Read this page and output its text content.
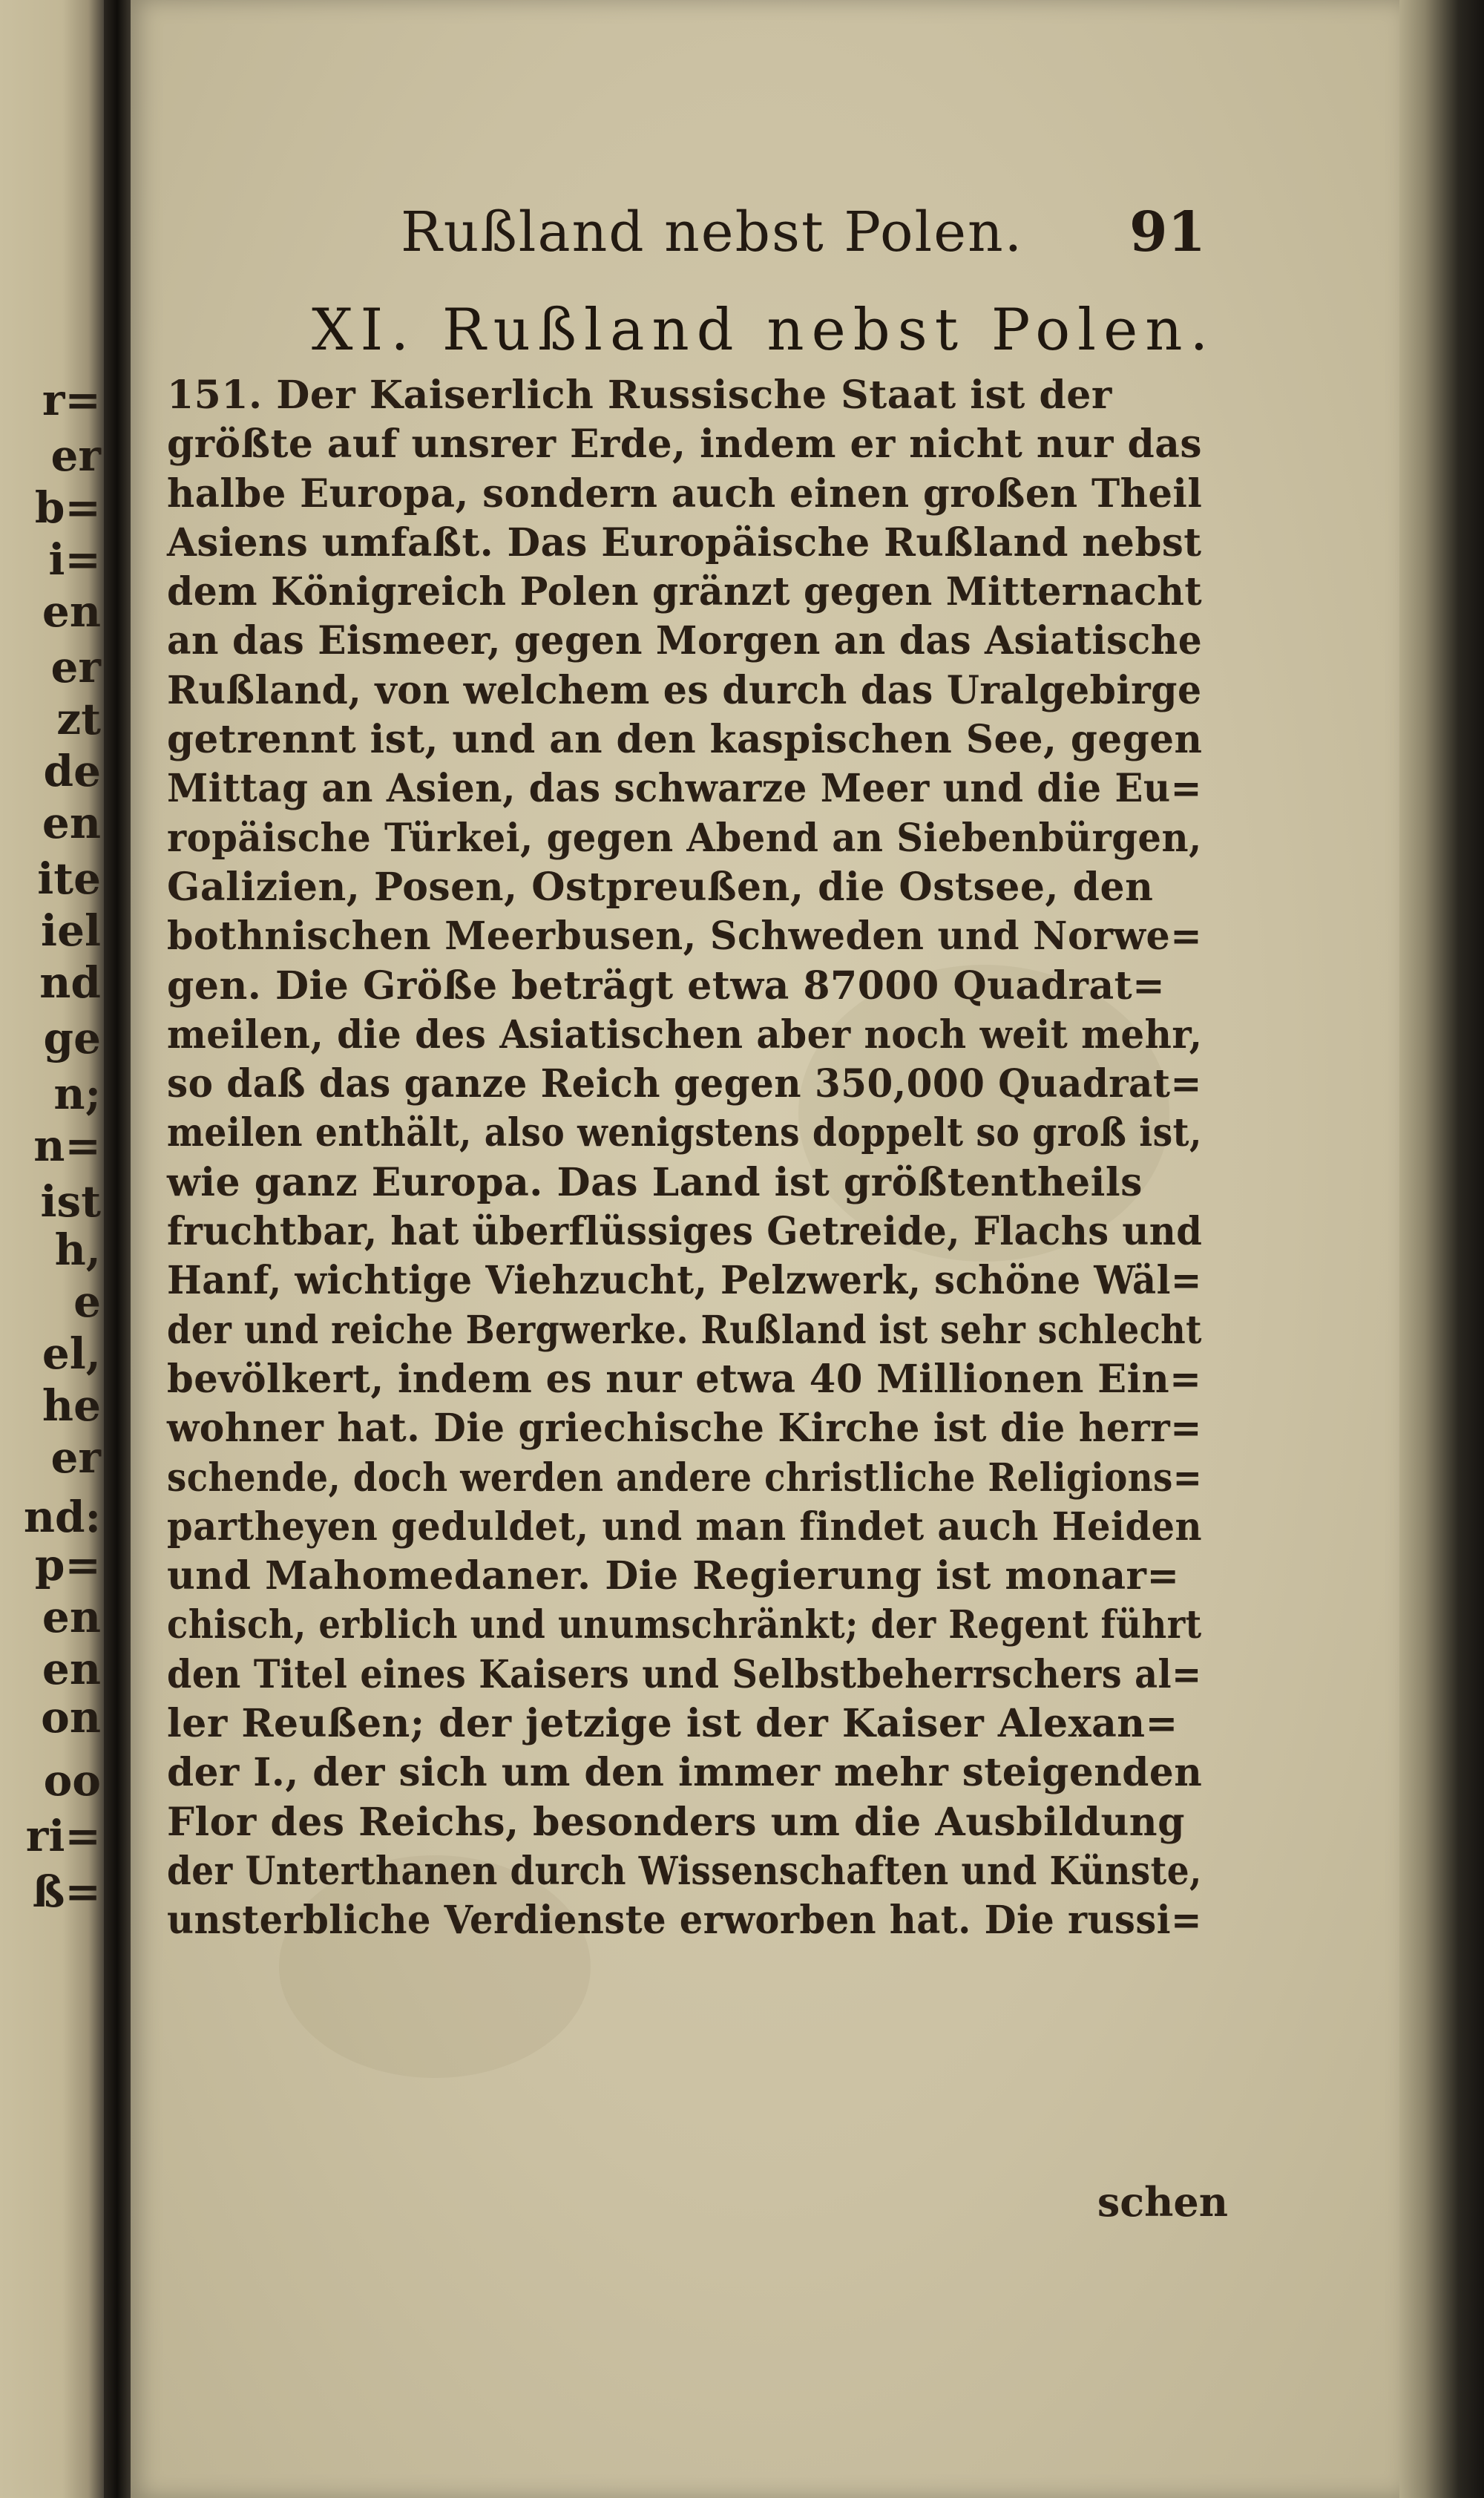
r=
er
b=
i=
en
er
zt
de
en
ite
iel
nd
ge
n;
n=
ist
h,
e
el,
he
er
nd:
p=
en
en
on
oo
ri=
ß=
Rußland nebst Polen. 91
XI. Rußland nebst Polen.
151. Der Kaiserlich Russische Staat ist der
größte auf unsrer Erde, indem er nicht nur das
halbe Europa, sondern auch einen großen Theil
Asiens umfaßt. Das Europäische Rußland nebst
dem Königreich Polen gränzt gegen Mitternacht
an das Eismeer, gegen Morgen an das Asiatische
Rußland, von welchem es durch das Uralgebirge
getrennt ist, und an den kaspischen See, gegen
Mittag an Asien, das schwarze Meer und die Eu=
ropäische Türkei, gegen Abend an Siebenbürgen,
Galizien, Posen, Ostpreußen, die Ostsee, den
bothnischen Meerbusen, Schweden und Norwe=
gen. Die Größe beträgt etwa 87000 Quadrat=
meilen, die des Asiatischen aber noch weit mehr,
so daß das ganze Reich gegen 350,000 Quadrat=
meilen enthält, also wenigstens doppelt so groß ist,
wie ganz Europa. Das Land ist größtentheils
fruchtbar, hat überflüssiges Getreide, Flachs und
Hanf, wichtige Viehzucht, Pelzwerk, schöne Wäl=
der und reiche Bergwerke. Rußland ist sehr schlecht
bevölkert, indem es nur etwa 40 Millionen Ein=
wohner hat. Die griechische Kirche ist die herr=
schende, doch werden andere christliche Religions=
partheyen geduldet, und man findet auch Heiden
und Mahomedaner. Die Regierung ist monar=
chisch, erblich und unumschränkt; der Regent führt
den Titel eines Kaisers und Selbstbeherrschers al=
ler Reußen; der jetzige ist der Kaiser Alexan=
der I., der sich um den immer mehr steigenden
Flor des Reichs, besonders um die Ausbildung
der Unterthanen durch Wissenschaften und Künste,
unsterbliche Verdienste erworben hat. Die russi=
schen
